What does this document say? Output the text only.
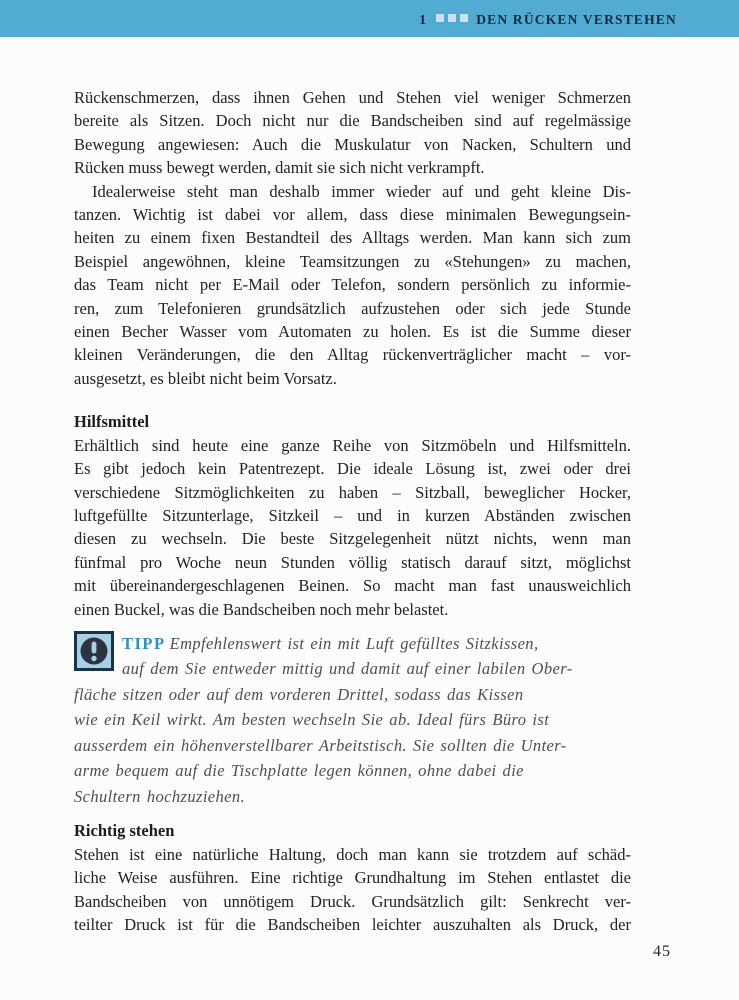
1	DEN RÜCKEN VERSTEHEN
Rückenschmerzen, dass ihnen Gehen und Stehen viel weniger Schmerzen
bereite als Sitzen. Doch nicht nur die Bandscheiben sind auf regelmässige
Bewegung angewiesen: Auch die Muskulatur von Nacken, Schultern und
Rücken muss bewegt werden, damit sie sich nicht verkrampft.
Idealerweise steht man deshalb immer wieder auf und geht kleine Dis-
tanzen. Wichtig ist dabei vor allem, dass diese minimalen Bewegungsein-
heiten zu einem fixen Bestandteil des Alltags werden. Man kann sich zum
Beispiel angewöhnen, kleine Teamsitzungen zu «Stehungen» zu machen,
das Team nicht per E-Mail oder Telefon, sondern persönlich zu informie-
ren, zum Telefonieren grundsätzlich aufzustehen oder sich jede Stunde
einen Becher Wasser vom Automaten zu holen. Es ist die Summe dieser
kleinen Veränderungen, die den Alltag rückenverträglicher macht – vor-
ausgesetzt, es bleibt nicht beim Vorsatz.
Hilfsmittel
Erhältlich sind heute eine ganze Reihe von Sitzmöbeln und Hilfsmitteln.
Es gibt jedoch kein Patentrezept. Die ideale Lösung ist, zwei oder drei
verschiedene Sitzmöglichkeiten zu haben – Sitzball, beweglicher Hocker,
luftgefüllte Sitzunterlage, Sitzkeil – und in kurzen Abständen zwischen
diesen zu wechseln. Die beste Sitzgelegenheit nützt nichts, wenn man
fünfmal pro Woche neun Stunden völlig statisch darauf sitzt, möglichst
mit übereinandergeschlagenen Beinen. So macht man fast unausweichlich
einen Buckel, was die Bandscheiben noch mehr belastet.
TIPP Empfehlenswert ist ein mit Luft gefülltes Sitzkissen,
auf dem Sie entweder mittig und damit auf einer labilen Ober-
fläche sitzen oder auf dem vorderen Drittel, sodass das Kissen
wie ein Keil wirkt. Am besten wechseln Sie ab. Ideal fürs Büro ist
ausserdem ein höhenverstellbarer Arbeitstisch. Sie sollten die Unter-
arme bequem auf die Tischplatte legen können, ohne dabei die
Schultern hochzuziehen.
Richtig stehen
Stehen ist eine natürliche Haltung, doch man kann sie trotzdem auf schäd-
liche Weise ausführen. Eine richtige Grundhaltung im Stehen entlastet die
Bandscheiben von unnötigem Druck. Grundsätzlich gilt: Senkrecht ver-
teilter Druck ist für die Bandscheiben leichter auszuhalten als Druck, der
45
